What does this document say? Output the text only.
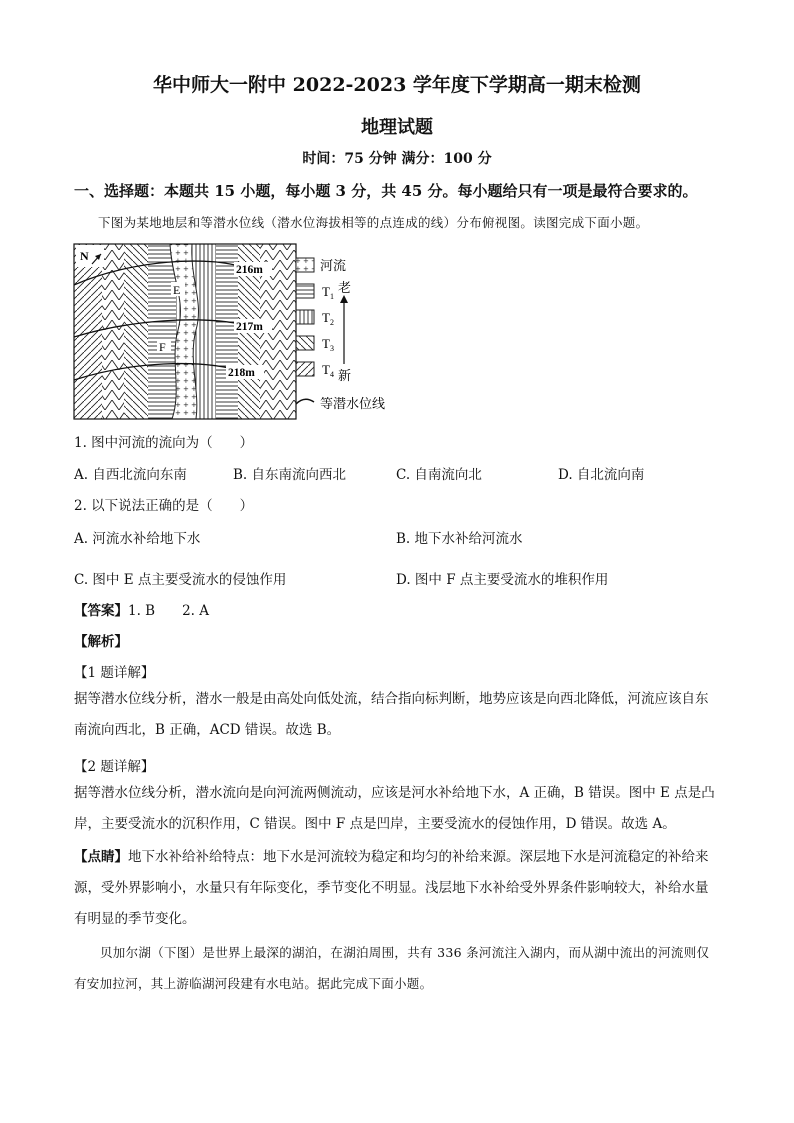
华中师大一附中 2022-2023 学年度下学期高一期末检测
地理试题
时间：75 分钟 满分：100 分
一、选择题：本题共 15 小题，每小题 3 分，共 45 分。每小题给只有一项是最符合要求的。
下图为某地地层和等潜水位线（潜水位海拔相等的点连成的线）分布俯视图。读图完成下面小题。
N
E
F
216m
217m
218m
河流
$T_1$
老
$T_2$
$T_3$
$T_4$ 新
等潜水位线
1. 图中河流的流向为（　　）
A. 自西北流向东南	B. 自东南流向西北	C. 自南流向北	D. 自北流向南
2. 以下说法正确的是（　　）
A. 河流水补给地下水	B. 地下水补给河流水
C. 图中 E 点主要受流水的侵蚀作用	D. 图中 F 点主要受流水的堆积作用
【答案】1. B　　2. A
【解析】
【1 题详解】
据等潜水位线分析，潜水一般是由高处向低处流，结合指向标判断，地势应该是向西北降低，河流应该自东南流向西北，B 正确，ACD 错误。故选 B。
【2 题详解】
据等潜水位线分析，潜水流向是向河流两侧流动，应该是河水补给地下水，A 正确，B 错误。图中 E 点是凸岸，主要受流水的沉积作用，C 错误。图中 F 点是凹岸，主要受流水的侵蚀作用，D 错误。故选 A。
【点睛】地下水补给补给特点：地下水是河流较为稳定和均匀的补给来源。深层地下水是河流稳定的补给来源，受外界影响小，水量只有年际变化，季节变化不明显。浅层地下水补给受外界条件影响较大，补给水量有明显的季节变化。
贝加尔湖（下图）是世界上最深的湖泊，在湖泊周围，共有 336 条河流注入湖内，而从湖中流出的河流则仅有安加拉河，其上游临湖河段建有水电站。据此完成下面小题。
